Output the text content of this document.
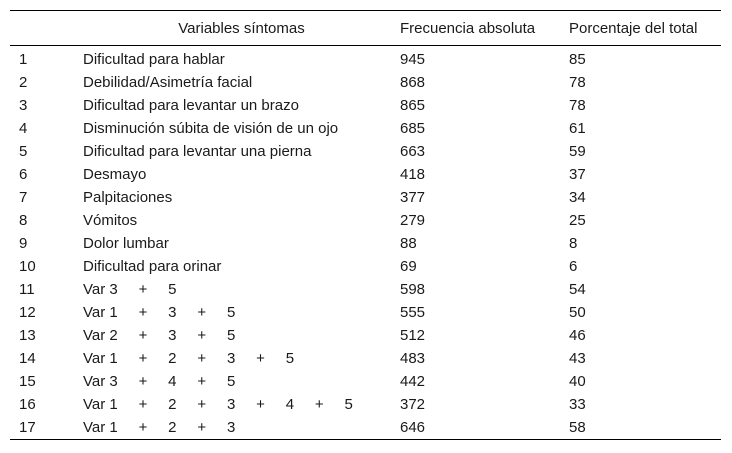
	Variables síntomas	Frecuencia absoluta	Porcentaje del total
1	Dificultad para hablar	945	85
2	Debilidad/Asimetría facial	868	78
3	Dificultad para levantar un brazo	865	78
4	Disminución súbita de visión de un ojo	685	61
5	Dificultad para levantar una pierna	663	59
6	Desmayo	418	37
7	Palpitaciones	377	34
8	Vómitos	279	25
9	Dolor lumbar	88	8
10	Dificultad para orinar	69	6
11	Var 3     +     5	598	54
12	Var 1     +     3     +     5	555	50
13	Var 2     +     3     +     5	512	46
14	Var 1     +     2     +     3     +     5	483	43
15	Var 3     +     4     +     5	442	40
16	Var 1     +     2     +     3     +     4     +     5	372	33
17	Var 1     +     2     +     3	646	58
